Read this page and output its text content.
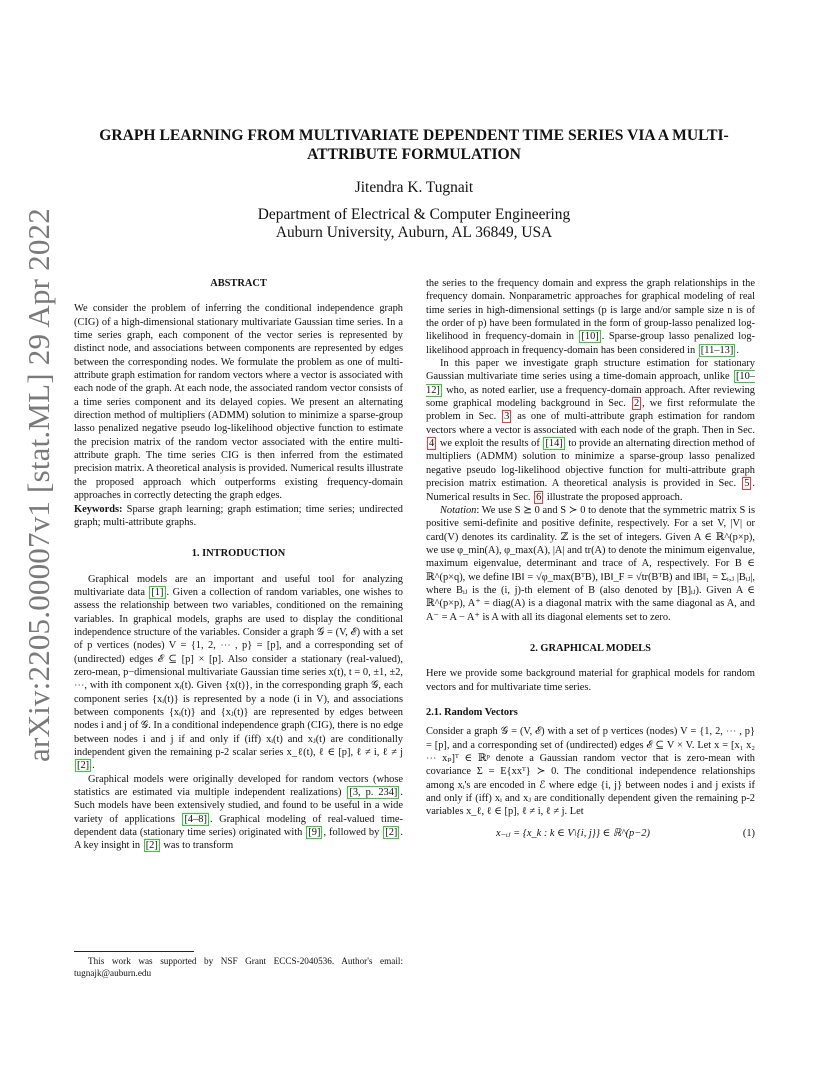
arXiv:2205.00007v1 [stat.ML] 29 Apr 2022
GRAPH LEARNING FROM MULTIVARIATE DEPENDENT TIME SERIES VIA A MULTI-ATTRIBUTE FORMULATION
Jitendra K. Tugnait
Department of Electrical & Computer Engineering
Auburn University, Auburn, AL 36849, USA

ABSTRACT

We consider the problem of inferring the conditional independence graph (CIG) of a high-dimensional stationary multivariate Gaussian time series. In a time series graph, each component of the vector series is represented by distinct node, and associations between components are represented by edges between the corresponding nodes. We formulate the problem as one of multi-attribute graph estimation for random vectors where a vector is associated with each node of the graph. At each node, the associated random vector consists of a time series component and its delayed copies. We present an alternating direction method of multipliers (ADMM) solution to minimize a sparse-group lasso penalized negative pseudo log-likelihood objective function to estimate the precision matrix of the random vector associated with the entire multi-attribute graph. The time series CIG is then inferred from the estimated precision matrix. A theoretical analysis is provided. Numerical results illustrate the proposed approach which outperforms existing frequency-domain approaches in correctly detecting the graph edges.

Keywords: Sparse graph learning; graph estimation; time series; undirected graph; multi-attribute graphs.

1. INTRODUCTION

Graphical models are an important and useful tool for analyzing multivariate data [1] . Given a collection of random variables, one wishes to assess the relationship between two variables, conditioned on the remaining variables. In graphical models, graphs are used to display the conditional independence structure of the variables. Consider a graph 𝒢 = (V, ℰ) with a set of p vertices (nodes) V = {1, 2, ⋯ , p} = [p], and a corresponding set of (undirected) edges ℰ ⊆ [p] × [p]. Also consider a stationary (real-valued), zero-mean, p−dimensional multivariate Gaussian time series x(t), t = 0, ±1, ±2, ⋯, with ith component xᵢ(t). Given {x(t)}, in the corresponding graph 𝒢, each component series {xᵢ(t)} is represented by a node (i in V), and associations between components {xᵢ(t)} and {xⱼ(t)} are represented by edges between nodes i and j of 𝒢. In a conditional independence graph (CIG), there is no edge between nodes i and j if and only if (iff) xᵢ(t) and xⱼ(t) are conditionally independent given the remaining p-2 scalar series x_ℓ(t), ℓ ∈ [p], ℓ ≠ i, ℓ ≠ j [2] .

Graphical models were originally developed for random vectors (whose statistics are estimated via multiple independent realizations) [3, p. 234] . Such models have been extensively studied, and found to be useful in a wide variety of applications [4–8] . Graphical modeling of real-valued time-dependent data (stationary time series) originated with [9] , followed by [2] . A key insight in [2] was to transform

This work was supported by NSF Grant ECCS-2040536. Author's email: tugnajk@auburn.edu

the series to the frequency domain and express the graph relationships in the frequency domain. Nonparametric approaches for graphical modeling of real time series in high-dimensional settings (p is large and/or sample size n is of the order of p) have been formulated in the form of group-lasso penalized log-likelihood in frequency-domain in [10] . Sparse-group lasso penalized log-likelihood approach in frequency-domain has been considered in [11–13] .

In this paper we investigate graph structure estimation for stationary Gaussian multivariate time series using a time-domain approach, unlike [10–12] who, as noted earlier, use a frequency-domain approach. After reviewing some graphical modeling background in Sec. 2 , we first reformulate the problem in Sec. 3 as one of multi-attribute graph estimation for random vectors where a vector is associated with each node of the graph. Then in Sec. 4 we exploit the results of [14] to provide an alternating direction method of multipliers (ADMM) solution to minimize a sparse-group lasso penalized negative pseudo log-likelihood objective function for multi-attribute graph precision matrix estimation. A theoretical analysis is provided in Sec. 5 . Numerical results in Sec. 6 illustrate the proposed approach.

Notation: We use S ⪰ 0 and S ≻ 0 to denote that the symmetric matrix S is positive semi-definite and positive definite, respectively. For a set V, |V| or card(V) denotes its cardinality. ℤ is the set of integers. Given A ∈ ℝ^(p×p), we use φ_min(A), φ_max(A), |A| and tr(A) to denote the minimum eigenvalue, maximum eigenvalue, determinant and trace of A, respectively. For B ∈ ℝ^(p×q), we define ‖B‖ = √φ_max(BᵀB), ‖B‖_F = √tr(BᵀB) and ‖B‖₁ = Σᵢ,ⱼ |Bᵢⱼ|, where Bᵢⱼ is the (i, j)-th element of B (also denoted by [B]ᵢⱼ). Given A ∈ ℝ^(p×p), A⁺ = diag(A) is a diagonal matrix with the same diagonal as A, and A⁻ = A − A⁺ is A with all its diagonal elements set to zero.

2. GRAPHICAL MODELS

Here we provide some background material for graphical models for random vectors and for multivariate time series.

2.1. Random Vectors

Consider a graph 𝒢 = (V, ℰ) with a set of p vertices (nodes) V = {1, 2, ⋯ , p} = [p], and a corresponding set of (undirected) edges ℰ ⊆ V × V. Let x = [x₁ x₂ ⋯ xₚ]ᵀ ∈ ℝᵖ denote a Gaussian random vector that is zero-mean with covariance Σ = E{xxᵀ} ≻ 0. The conditional independence relationships among xᵢ's are encoded in ℰ where edge {i, j} between nodes i and j exists if and only if (iff) xᵢ and xⱼ are conditionally dependent given the remaining p-2 variables x_ℓ, ℓ ∈ [p], ℓ ≠ i, ℓ ≠ j. Let

x₋ᵢⱼ = {x_k : k ∈ V\{i, j}} ∈ ℝ^(p−2)	(1)
